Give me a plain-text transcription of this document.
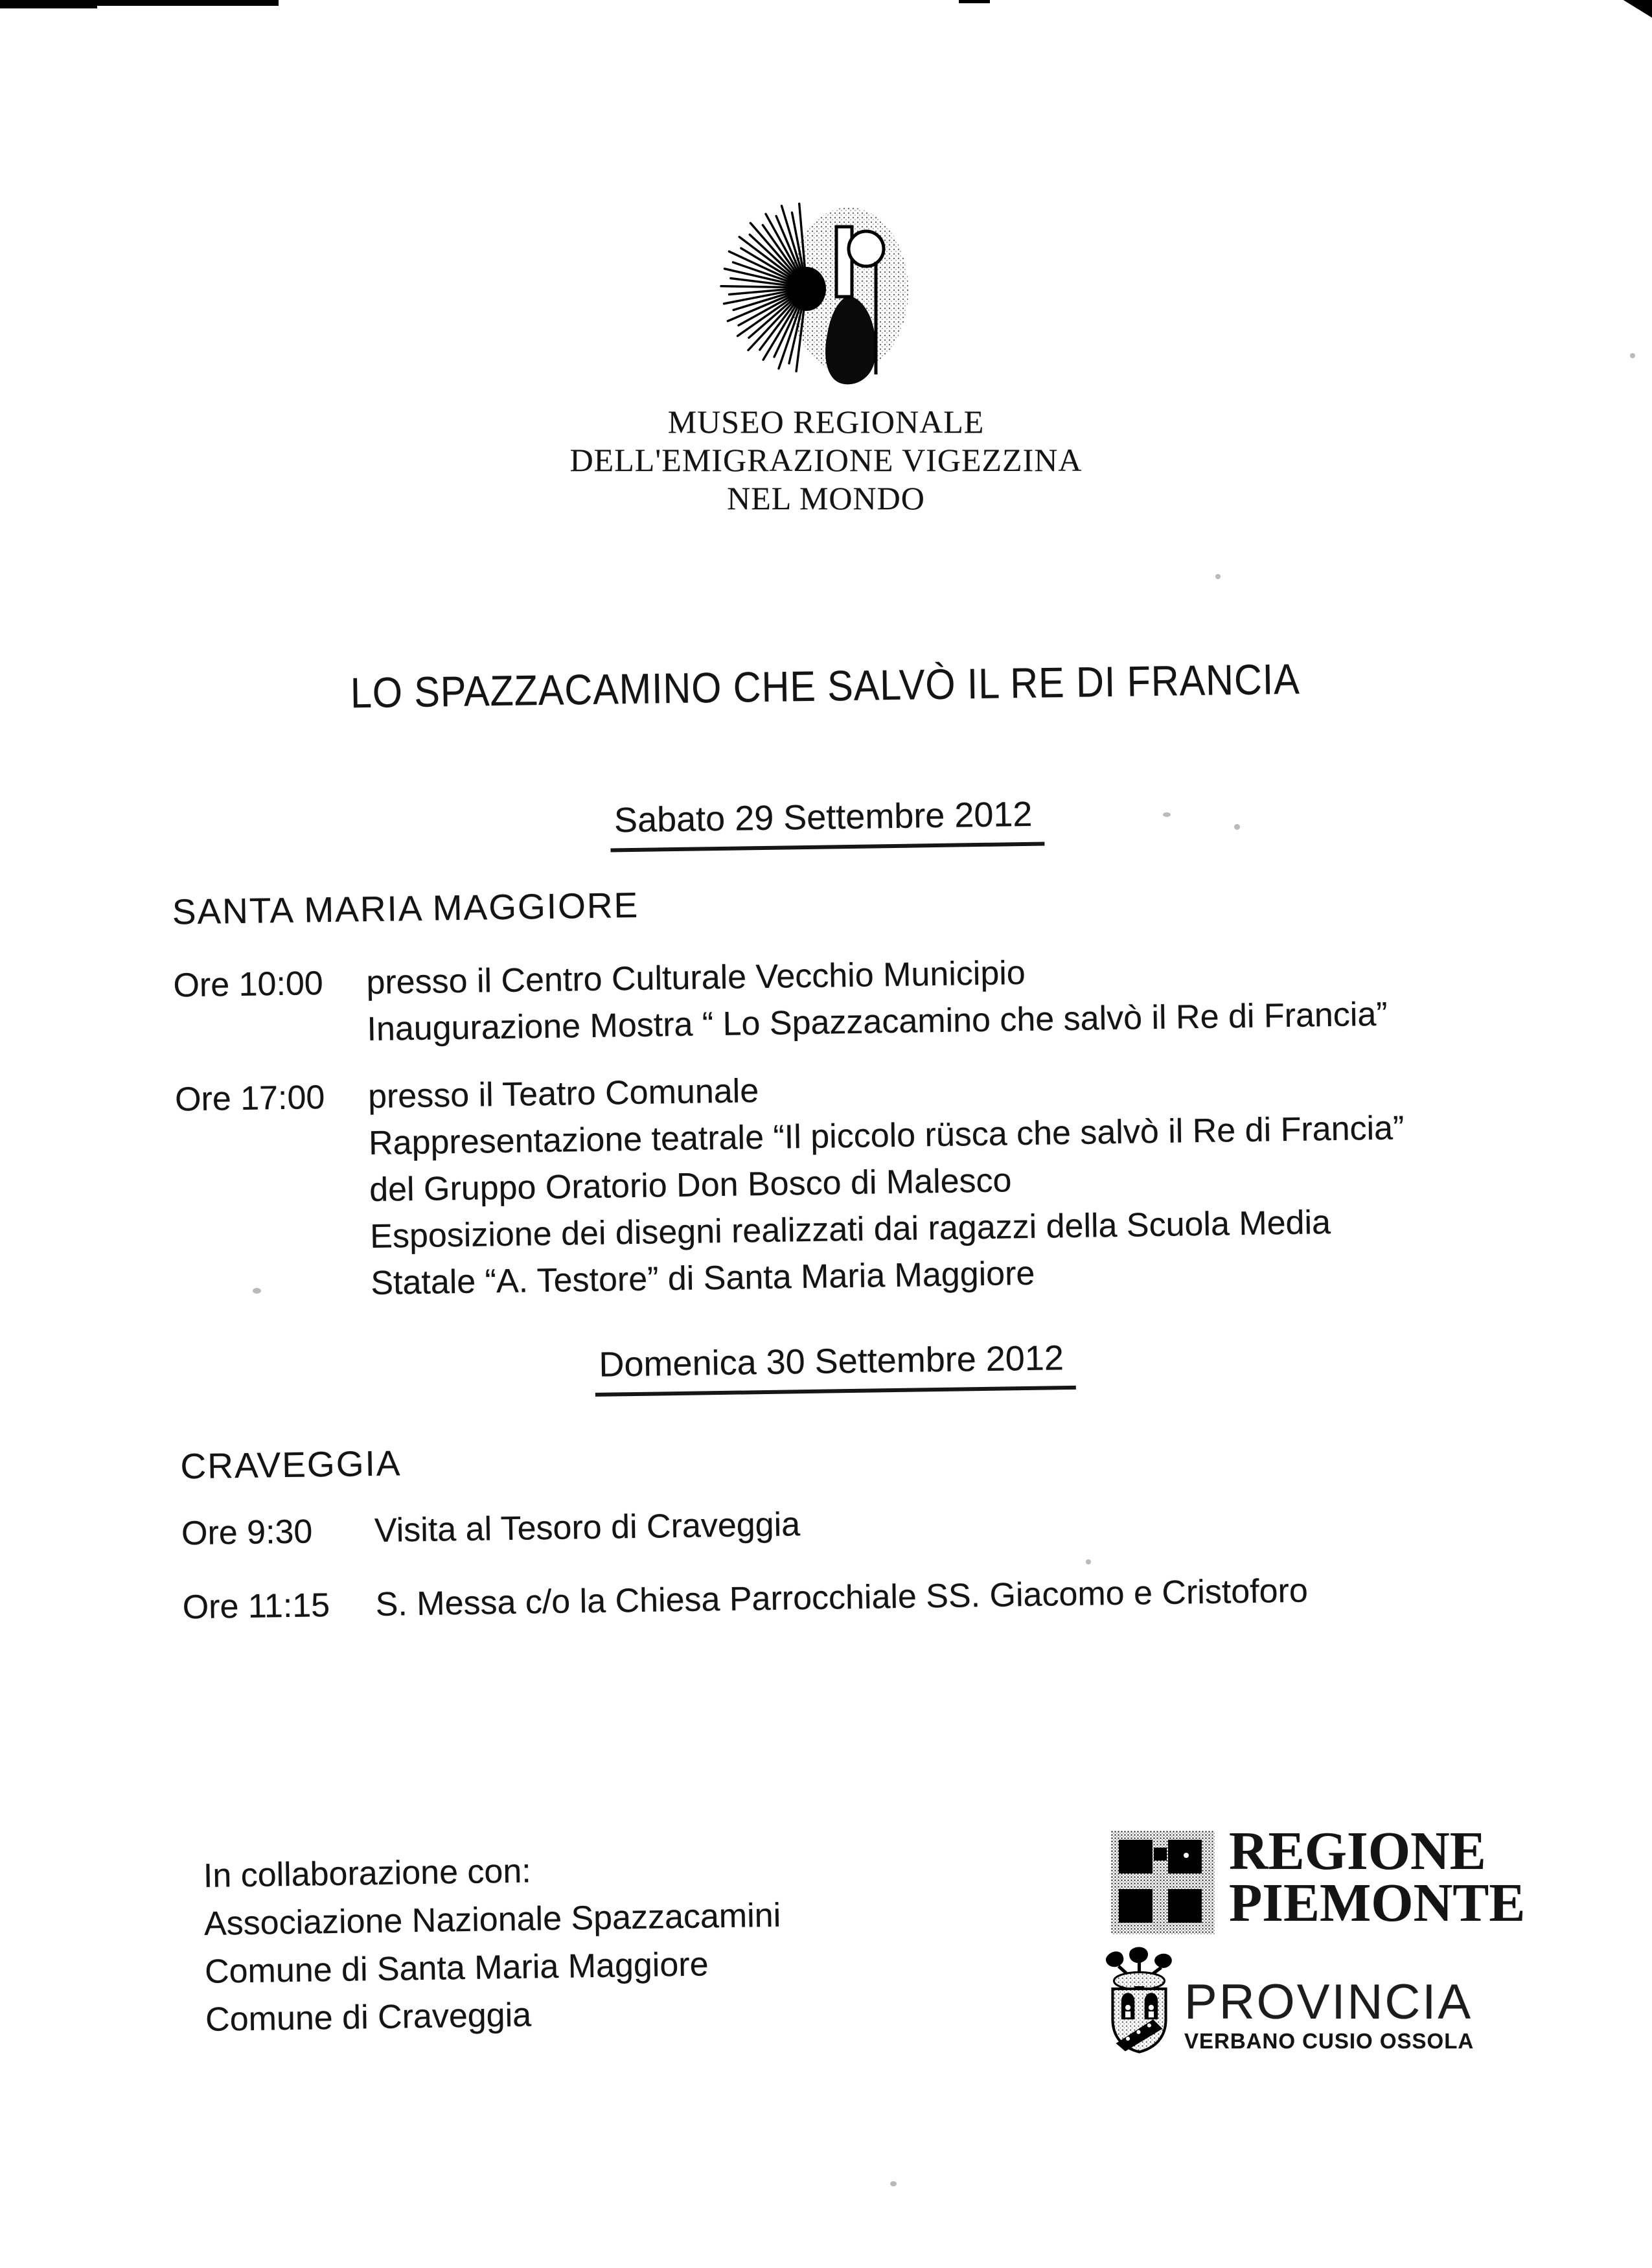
MUSEO REGIONALE
DELL'EMIGRAZIONE VIGEZZINA
NEL MONDO
LO SPAZZACAMINO CHE SALVÒ IL RE DI FRANCIA
Sabato 29 Settembre 2012
SANTA MARIA MAGGIORE
Ore 10:00	presso il Centro Culturale Vecchio Municipio
Inaugurazione Mostra “ Lo Spazzacamino che salvò il Re di Francia”
Ore 17:00	presso il Teatro Comunale
Rappresentazione teatrale “Il piccolo rüsca che salvò il Re di Francia”
del Gruppo Oratorio Don Bosco di Malesco
Esposizione dei disegni realizzati dai ragazzi della Scuola Media
Statale “A. Testore” di Santa Maria Maggiore
Domenica 30 Settembre 2012
CRAVEGGIA
Ore 9:30	Visita al Tesoro di Craveggia
Ore 11:15	S. Messa c/o la Chiesa Parrocchiale SS. Giacomo e Cristoforo
In collaborazione con:
Associazione Nazionale Spazzacamini
Comune di Santa Maria Maggiore
Comune di Craveggia
REGIONE
PIEMONTE
PROVINCIA
VERBANO CUSIO OSSOLA
